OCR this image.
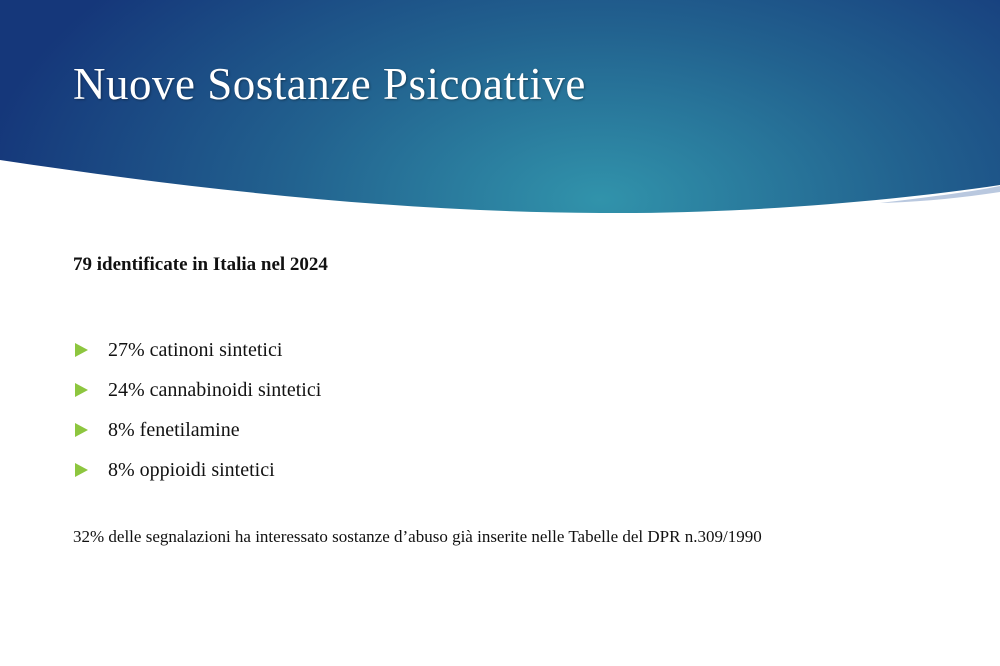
Nuove Sostanze Psicoattive

79 identificate in Italia nel 2024

27% catinoni sintetici
24% cannabinoidi sintetici
8% fenetilamine
8% oppioidi sintetici

32% delle segnalazioni ha interessato sostanze d’abuso già inserite nelle Tabelle del DPR n.309/1990
